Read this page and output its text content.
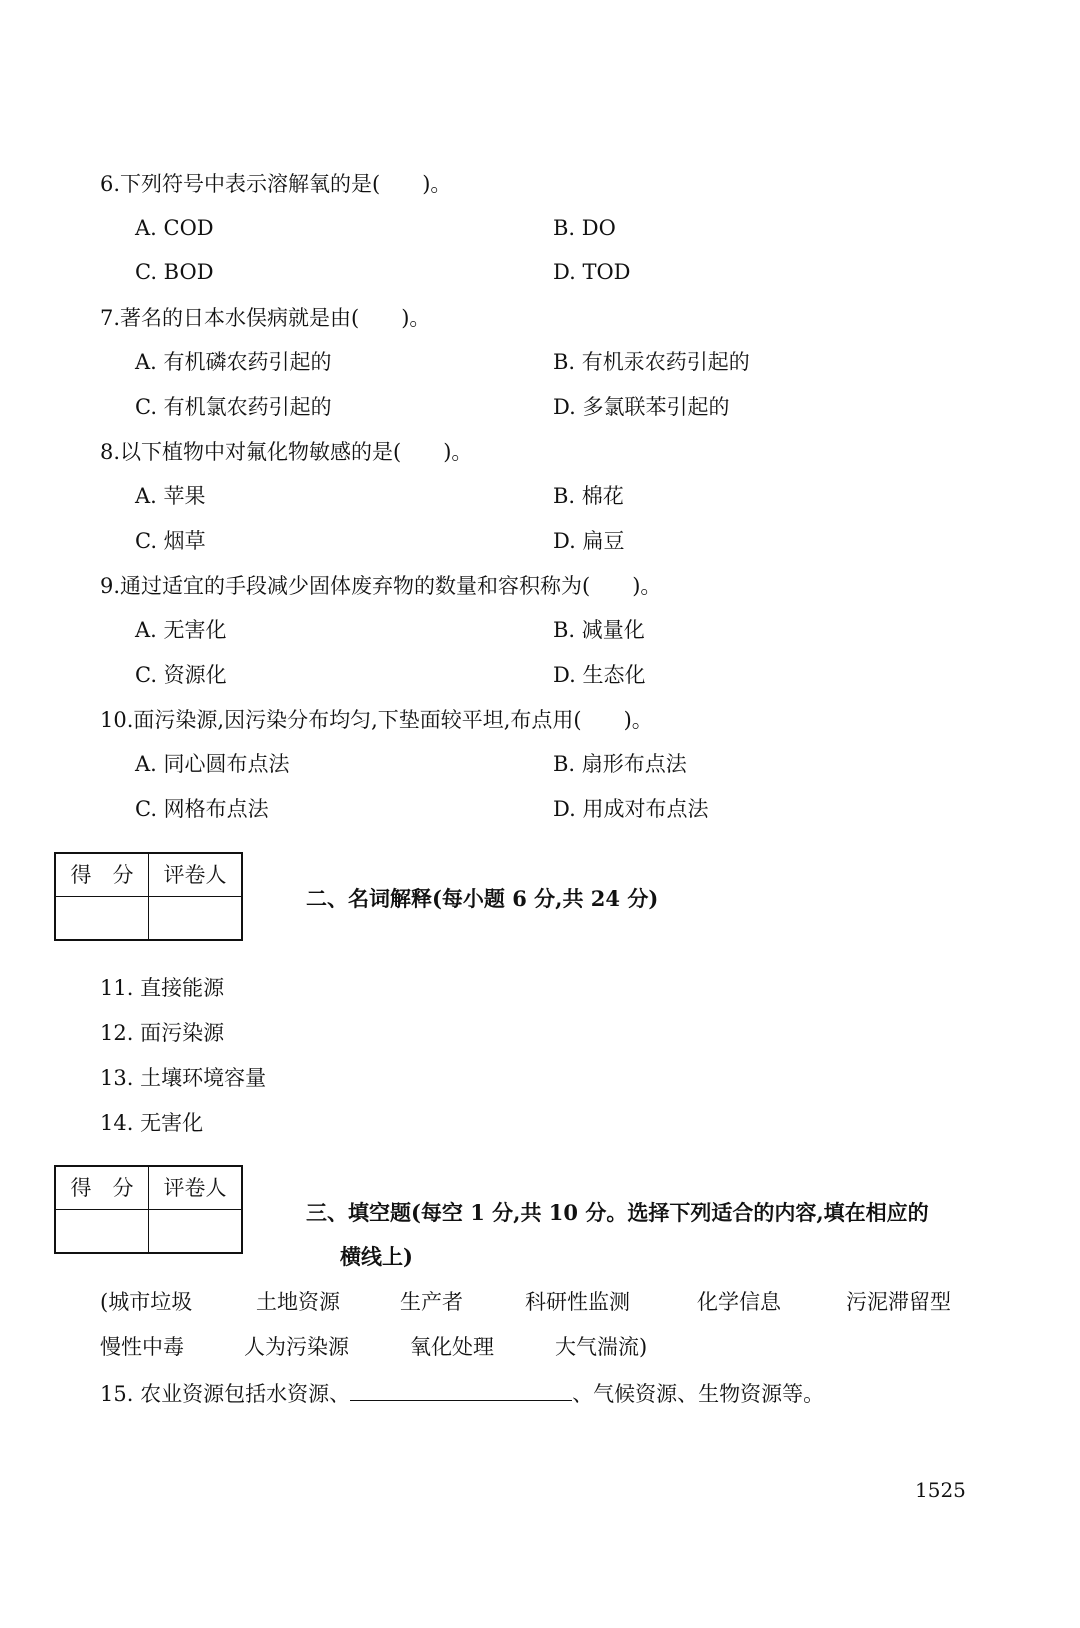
6.下列符号中表示溶解氧的是(　　)。
A. COD	B. DO
C. BOD	D. TOD
7.著名的日本水俣病就是由(　　)。
A. 有机磷农药引起的	B. 有机汞农药引起的
C. 有机氯农药引起的	D. 多氯联苯引起的
8.以下植物中对氟化物敏感的是(　　)。
A. 苹果	B. 棉花
C. 烟草	D. 扁豆
9.通过适宜的手段减少固体废弃物的数量和容积称为(　　)。
A. 无害化	B. 减量化
C. 资源化	D. 生态化
10.面污染源,因污染分布均匀,下垫面较平坦,布点用(　　)。
A. 同心圆布点法	B. 扇形布点法
C. 网格布点法	D. 用成对布点法
得　分	评卷人

二、名词解释(每小题 6 分,共 24 分)
11. 直接能源
12. 面污染源
13. 土壤环境容量
14. 无害化
得　分	评卷人

三、填空题(每空 1 分,共 10 分。选择下列适合的内容,填在相应的
横线上)
(城市垃圾	土地资源	生产者	科研性监测	化学信息	污泥滞留型
慢性中毒	人为污染源	氧化处理	大气湍流)
15. 农业资源包括水资源、	、气候资源、生物资源等。
1525
